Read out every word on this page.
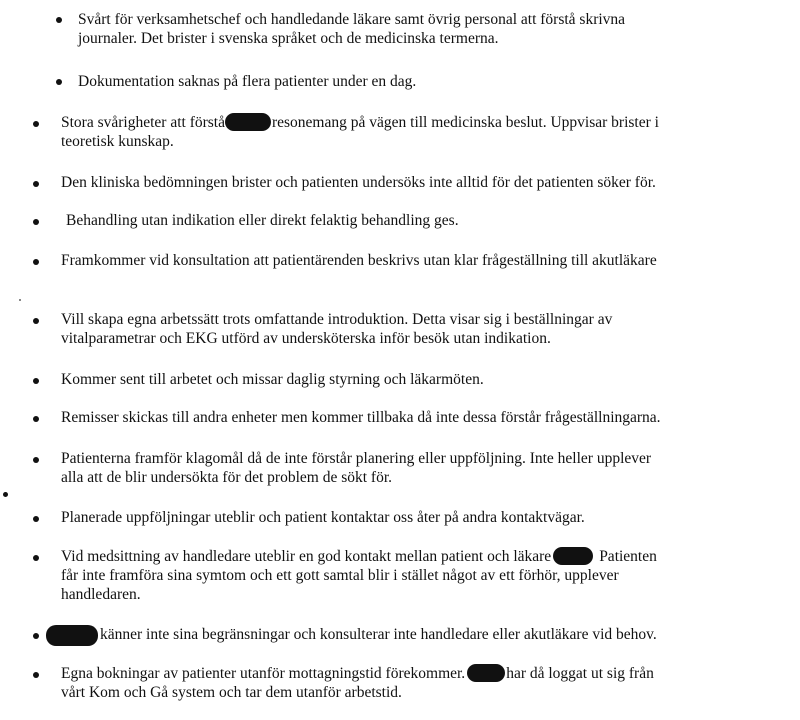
Svårt för verksamhetschef och handledande läkare samt övrig personal att förstå skrivna
journaler. Det brister i svenska språket och de medicinska termerna.
Dokumentation saknas på flera patienter under en dag.
Stora svårigheter att förstå	resonemang på vägen till medicinska beslut. Uppvisar brister i
teoretisk kunskap.
Den kliniska bedömningen brister och patienten undersöks inte alltid för det patienten söker för.
Behandling utan indikation eller direkt felaktig behandling ges.
Framkommer vid konsultation att patientärenden beskrivs utan klar frågeställning till akutläkare
Vill skapa egna arbetssätt trots omfattande introduktion. Detta visar sig i beställningar av
vitalparametrar och EKG utförd av undersköterska inför besök utan indikation.
Kommer sent till arbetet och missar daglig styrning och läkarmöten.
Remisser skickas till andra enheter men kommer tillbaka då inte dessa förstår frågeställningarna.
Patienterna framför klagomål då de inte förstår planering eller uppföljning. Inte heller upplever
alla att de blir undersökta för det problem de sökt för.
Planerade uppföljningar uteblir och patient kontaktar oss åter på andra kontaktvägar.
Vid medsittning av handledare uteblir en god kontakt mellan patient och läkare	Patienten
får inte framföra sina symtom och ett gott samtal blir i stället något av ett förhör, upplever
handledaren.
känner inte sina begränsningar och konsulterar inte handledare eller akutläkare vid behov.
Egna bokningar av patienter utanför mottagningstid förekommer.	har då loggat ut sig från
vårt Kom och Gå system och tar dem utanför arbetstid.
